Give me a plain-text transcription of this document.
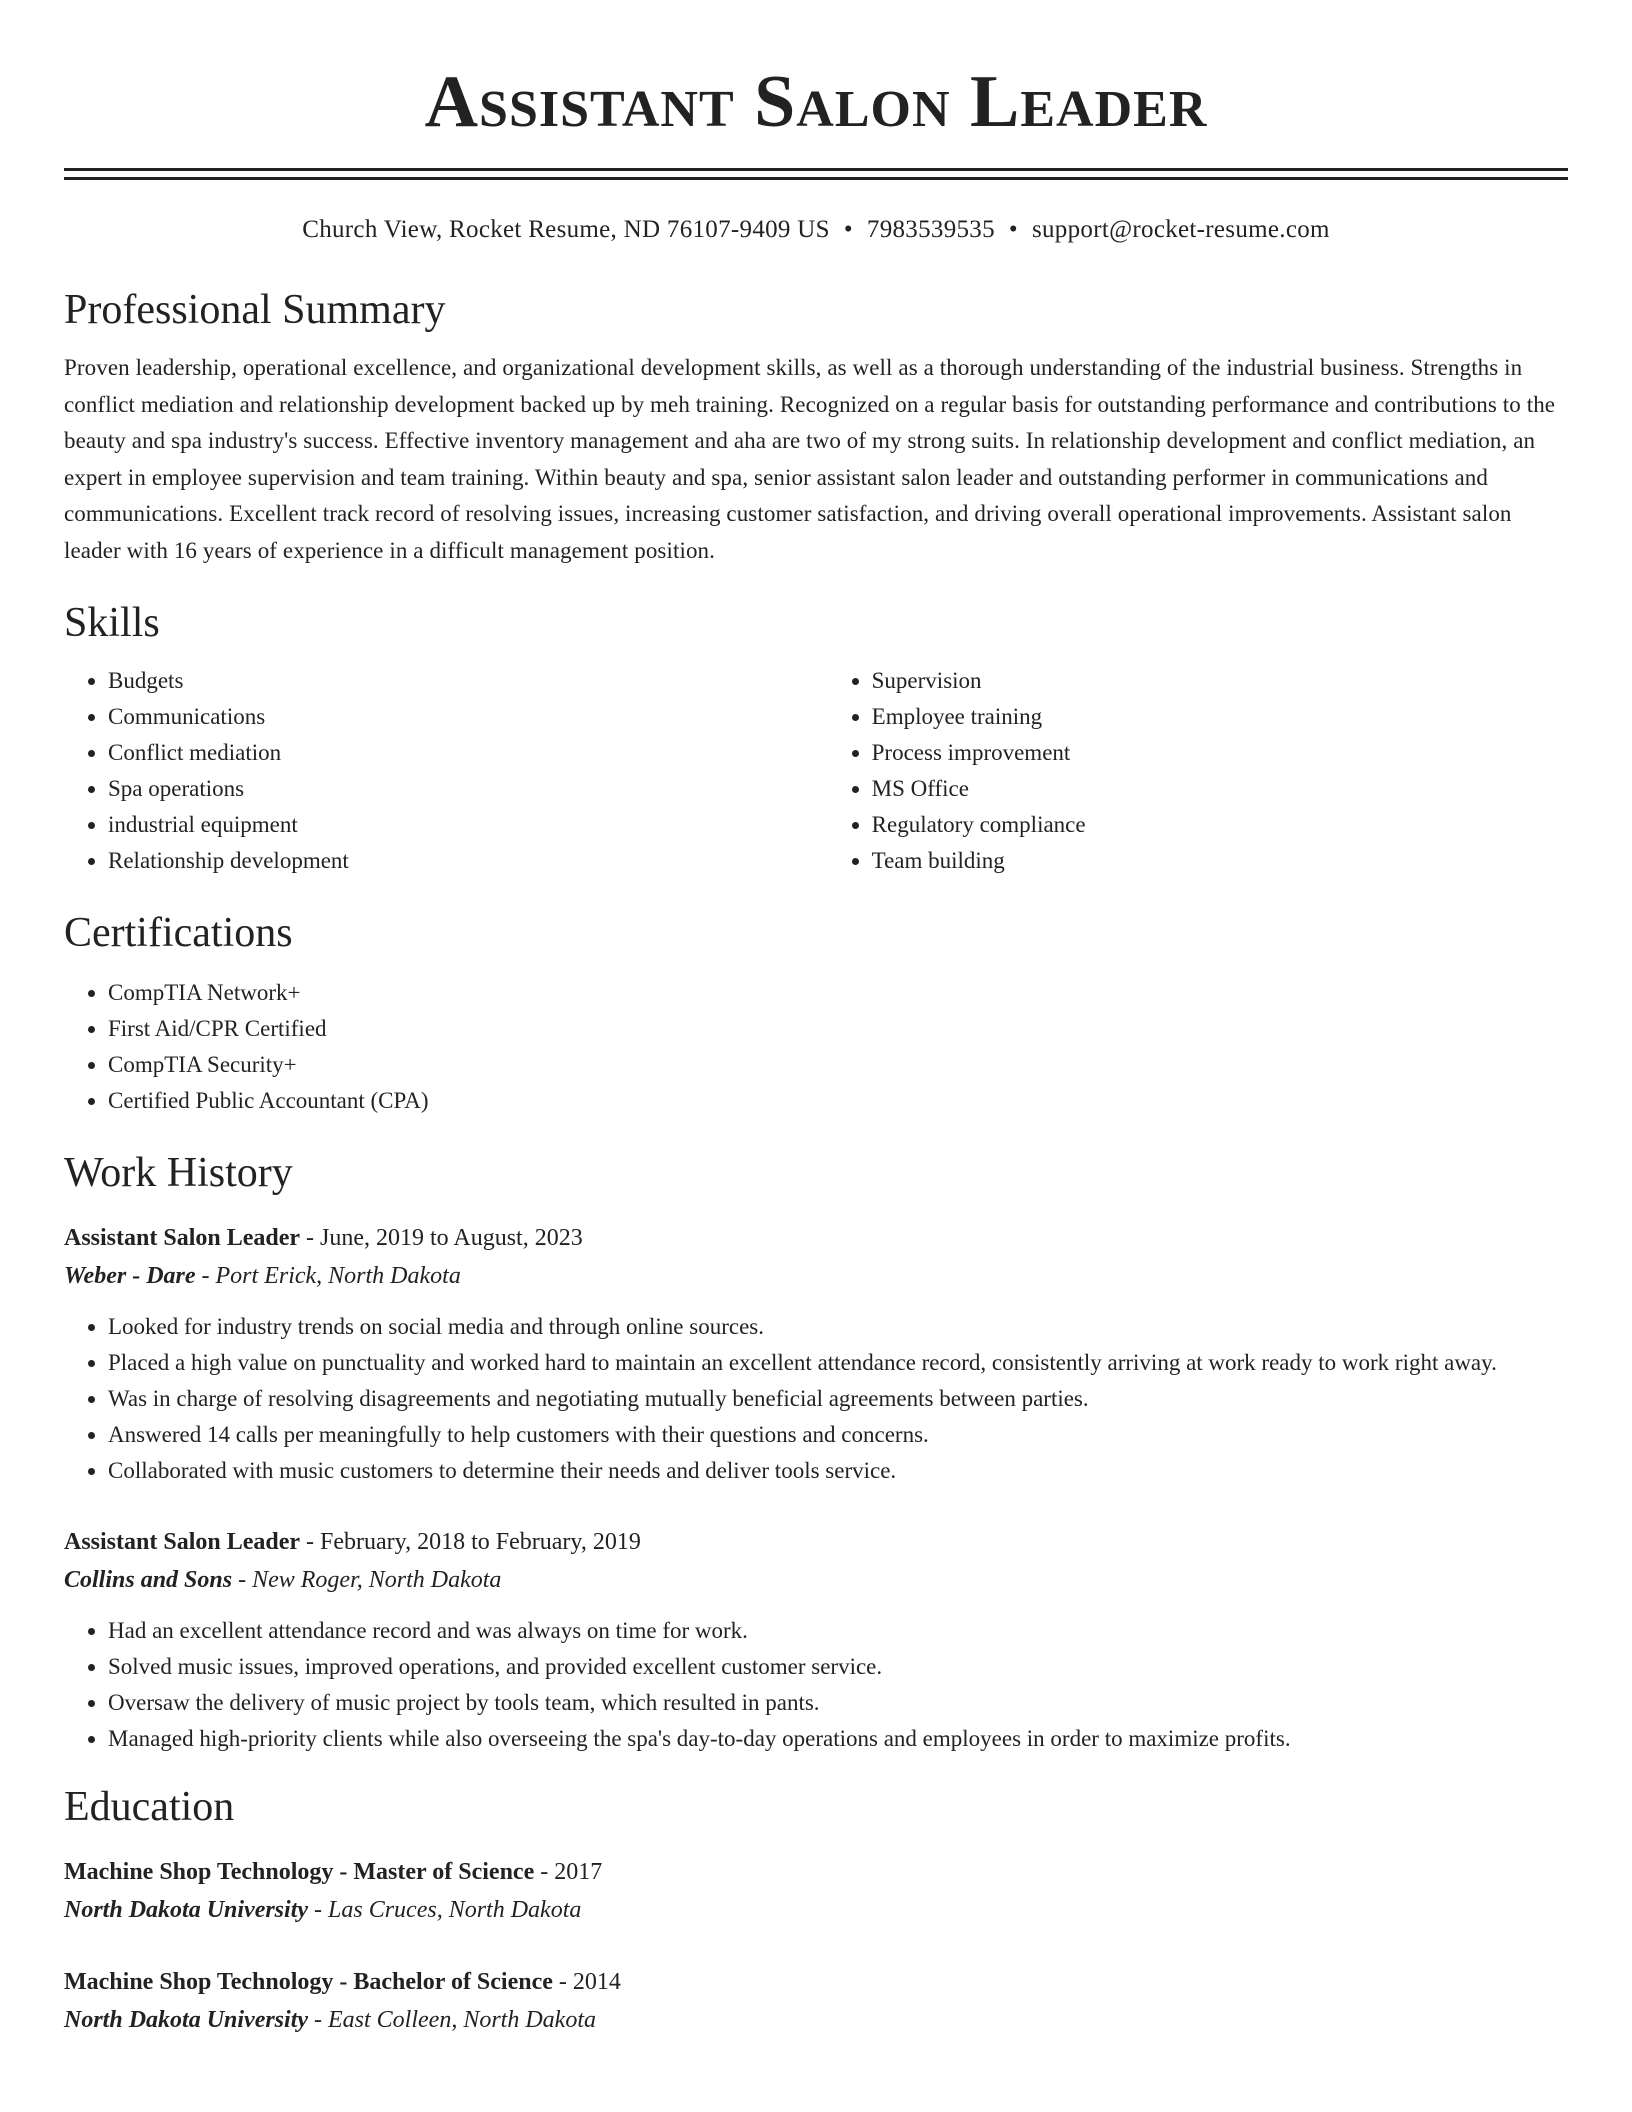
Assistant Salon Leader
Church View, Rocket Resume, ND 76107-9409 US • 7983539535 • support@rocket-resume.com
Professional Summary
Proven leadership, operational excellence, and organizational development skills, as well as a thorough understanding of the industrial business. Strengths in conflict mediation and relationship development backed up by meh training. Recognized on a regular basis for outstanding performance and contributions to the beauty and spa industry's success. Effective inventory management and aha are two of my strong suits. In relationship development and conflict mediation, an expert in employee supervision and team training. Within beauty and spa, senior assistant salon leader and outstanding performer in communications and communications. Excellent track record of resolving issues, increasing customer satisfaction, and driving overall operational improvements. Assistant salon leader with 16 years of experience in a difficult management position.
Skills
• Budgets
• Communications
• Conflict mediation
• Spa operations
• industrial equipment
• Relationship development
• Supervision
• Employee training
• Process improvement
• MS Office
• Regulatory compliance
• Team building
Certifications
• CompTIA Network+
• First Aid/CPR Certified
• CompTIA Security+
• Certified Public Accountant (CPA)
Work History
Assistant Salon Leader - June, 2019 to August, 2023
Weber - Dare - Port Erick, North Dakota
• Looked for industry trends on social media and through online sources.
• Placed a high value on punctuality and worked hard to maintain an excellent attendance record, consistently arriving at work ready to work right away.
• Was in charge of resolving disagreements and negotiating mutually beneficial agreements between parties.
• Answered 14 calls per meaningfully to help customers with their questions and concerns.
• Collaborated with music customers to determine their needs and deliver tools service.
Assistant Salon Leader - February, 2018 to February, 2019
Collins and Sons - New Roger, North Dakota
• Had an excellent attendance record and was always on time for work.
• Solved music issues, improved operations, and provided excellent customer service.
• Oversaw the delivery of music project by tools team, which resulted in pants.
• Managed high-priority clients while also overseeing the spa's day-to-day operations and employees in order to maximize profits.
Education
Machine Shop Technology - Master of Science - 2017
North Dakota University - Las Cruces, North Dakota
Machine Shop Technology - Bachelor of Science - 2014
North Dakota University - East Colleen, North Dakota
